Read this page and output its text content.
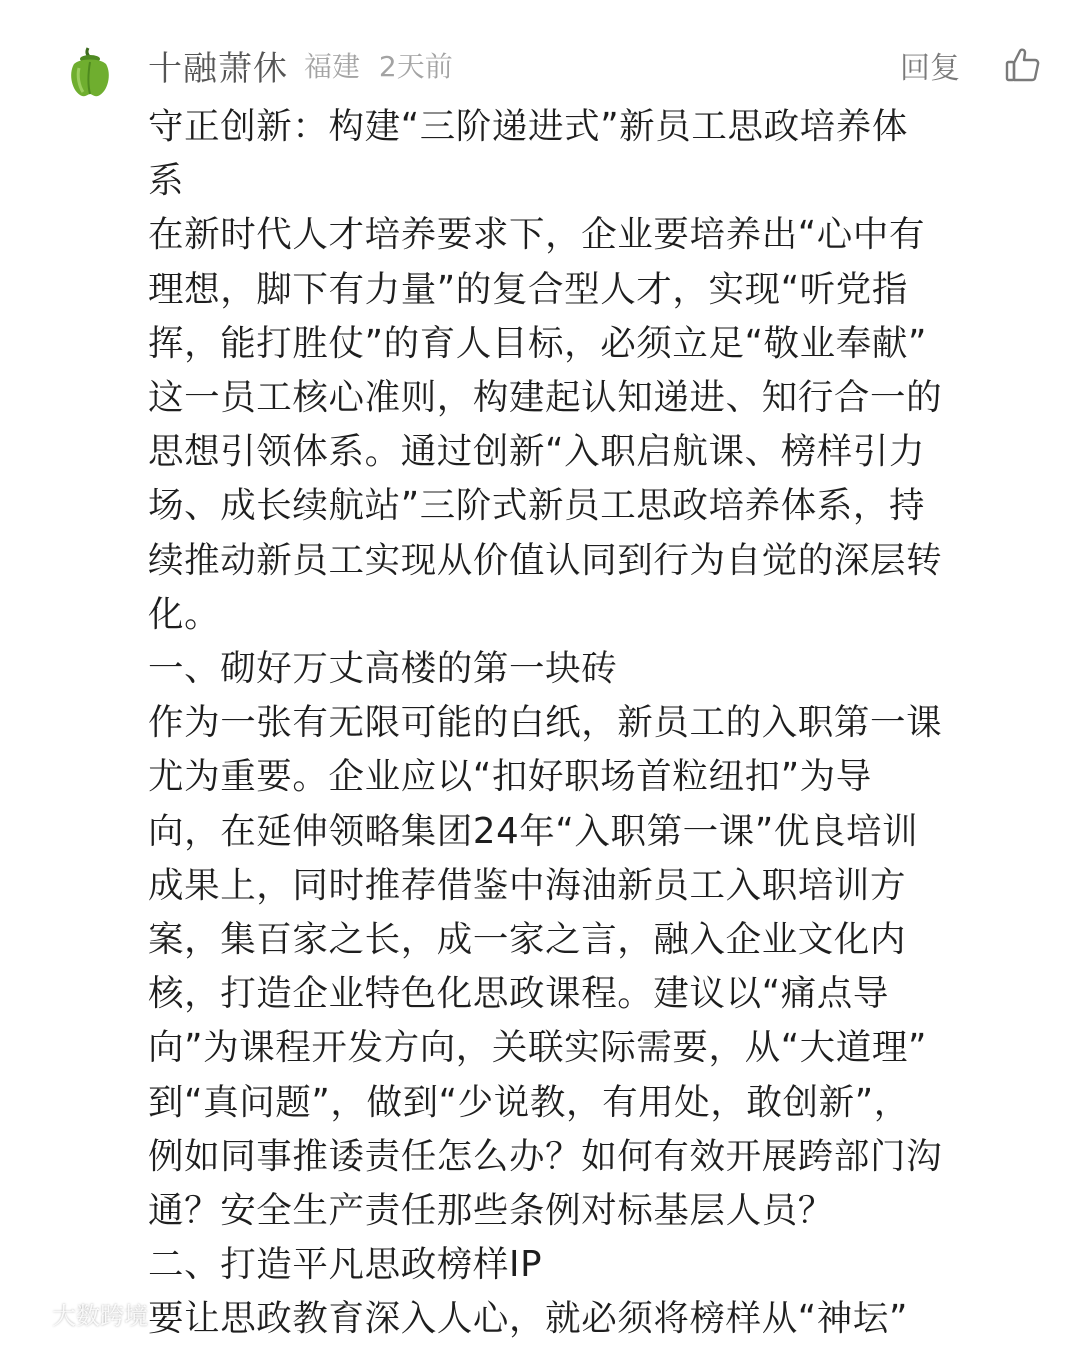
十融萧休 福建 2天前	回复

守正创新：构建“三阶递进式”新员工思政培养体

系

在新时代人才培养要求下，企业要培养出“心中有

理想，脚下有力量”的复合型人才，实现“听党指

挥，能打胜仗”的育人目标，必须立足“敬业奉献”

这一员工核心准则，构建起认知递进、知行合一的

思想引领体系。通过创新“入职启航课、榜样引力

场、成长续航站”三阶式新员工思政培养体系，持

续推动新员工实现从价值认同到行为自觉的深层转

化。

一、砌好万丈高楼的第一块砖

作为一张有无限可能的白纸，新员工的入职第一课

尤为重要。企业应以“扣好职场首粒纽扣”为导

向，在延伸领略集团24年“入职第一课”优良培训

成果上，同时推荐借鉴中海油新员工入职培训方

案，集百家之长，成一家之言，融入企业文化内

核，打造企业特色化思政课程。建议以“痛点导

向”为课程开发方向，关联实际需要，从“大道理”

到“真问题”，做到“少说教，有用处，敢创新”，

例如同事推诿责任怎么办？如何有效开展跨部门沟

通？安全生产责任那些条例对标基层人员？

二、打造平凡思政榜样IP

要让思政教育深入人心，就必须将榜样从“神坛”

大数跨境
